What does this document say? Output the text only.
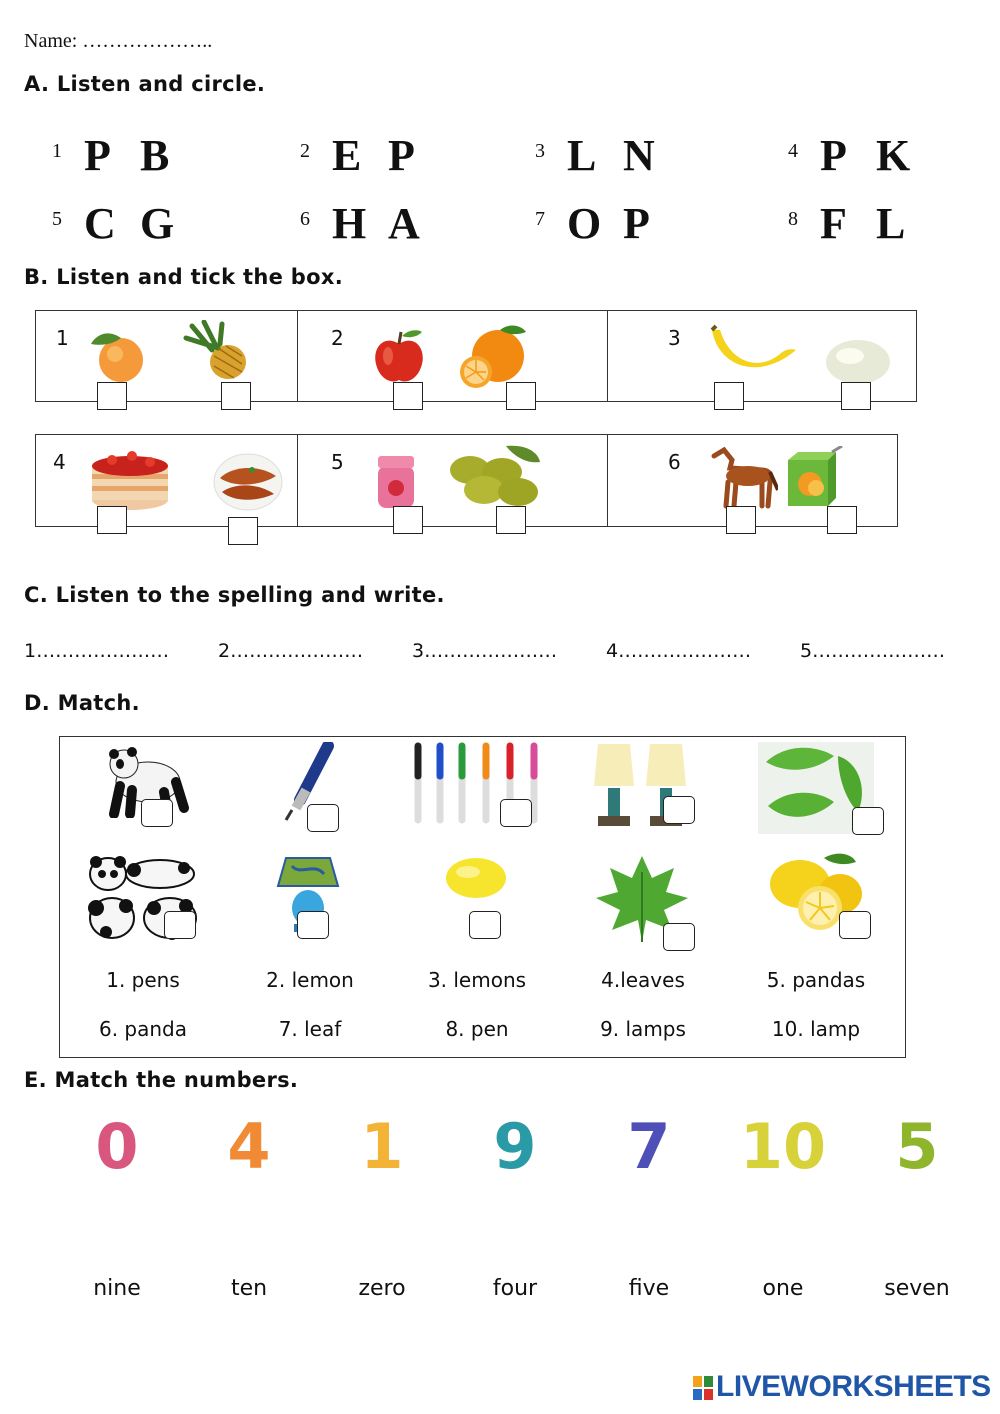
Name: ………………..
A. Listen and circle.
1 P B	2 E P	3 L N	4 P K
5 C G	6 H A	7 O P	8 F L
B. Listen and tick the box.
1	2	3
4	5	6
C. Listen to the spelling and write.
1…………………	2…………………	3…………………	4…………………	5…………………
D. Match.
1. pens	2. lemon	3. lemons	4.leaves	5. pandas
6. panda	7. leaf	8. pen	9. lamps	10. lamp
E. Match the numbers.
0	4	1	9	7	10	5
nine	ten	zero	four	five	one	seven
LIVEWORKSHEETS
